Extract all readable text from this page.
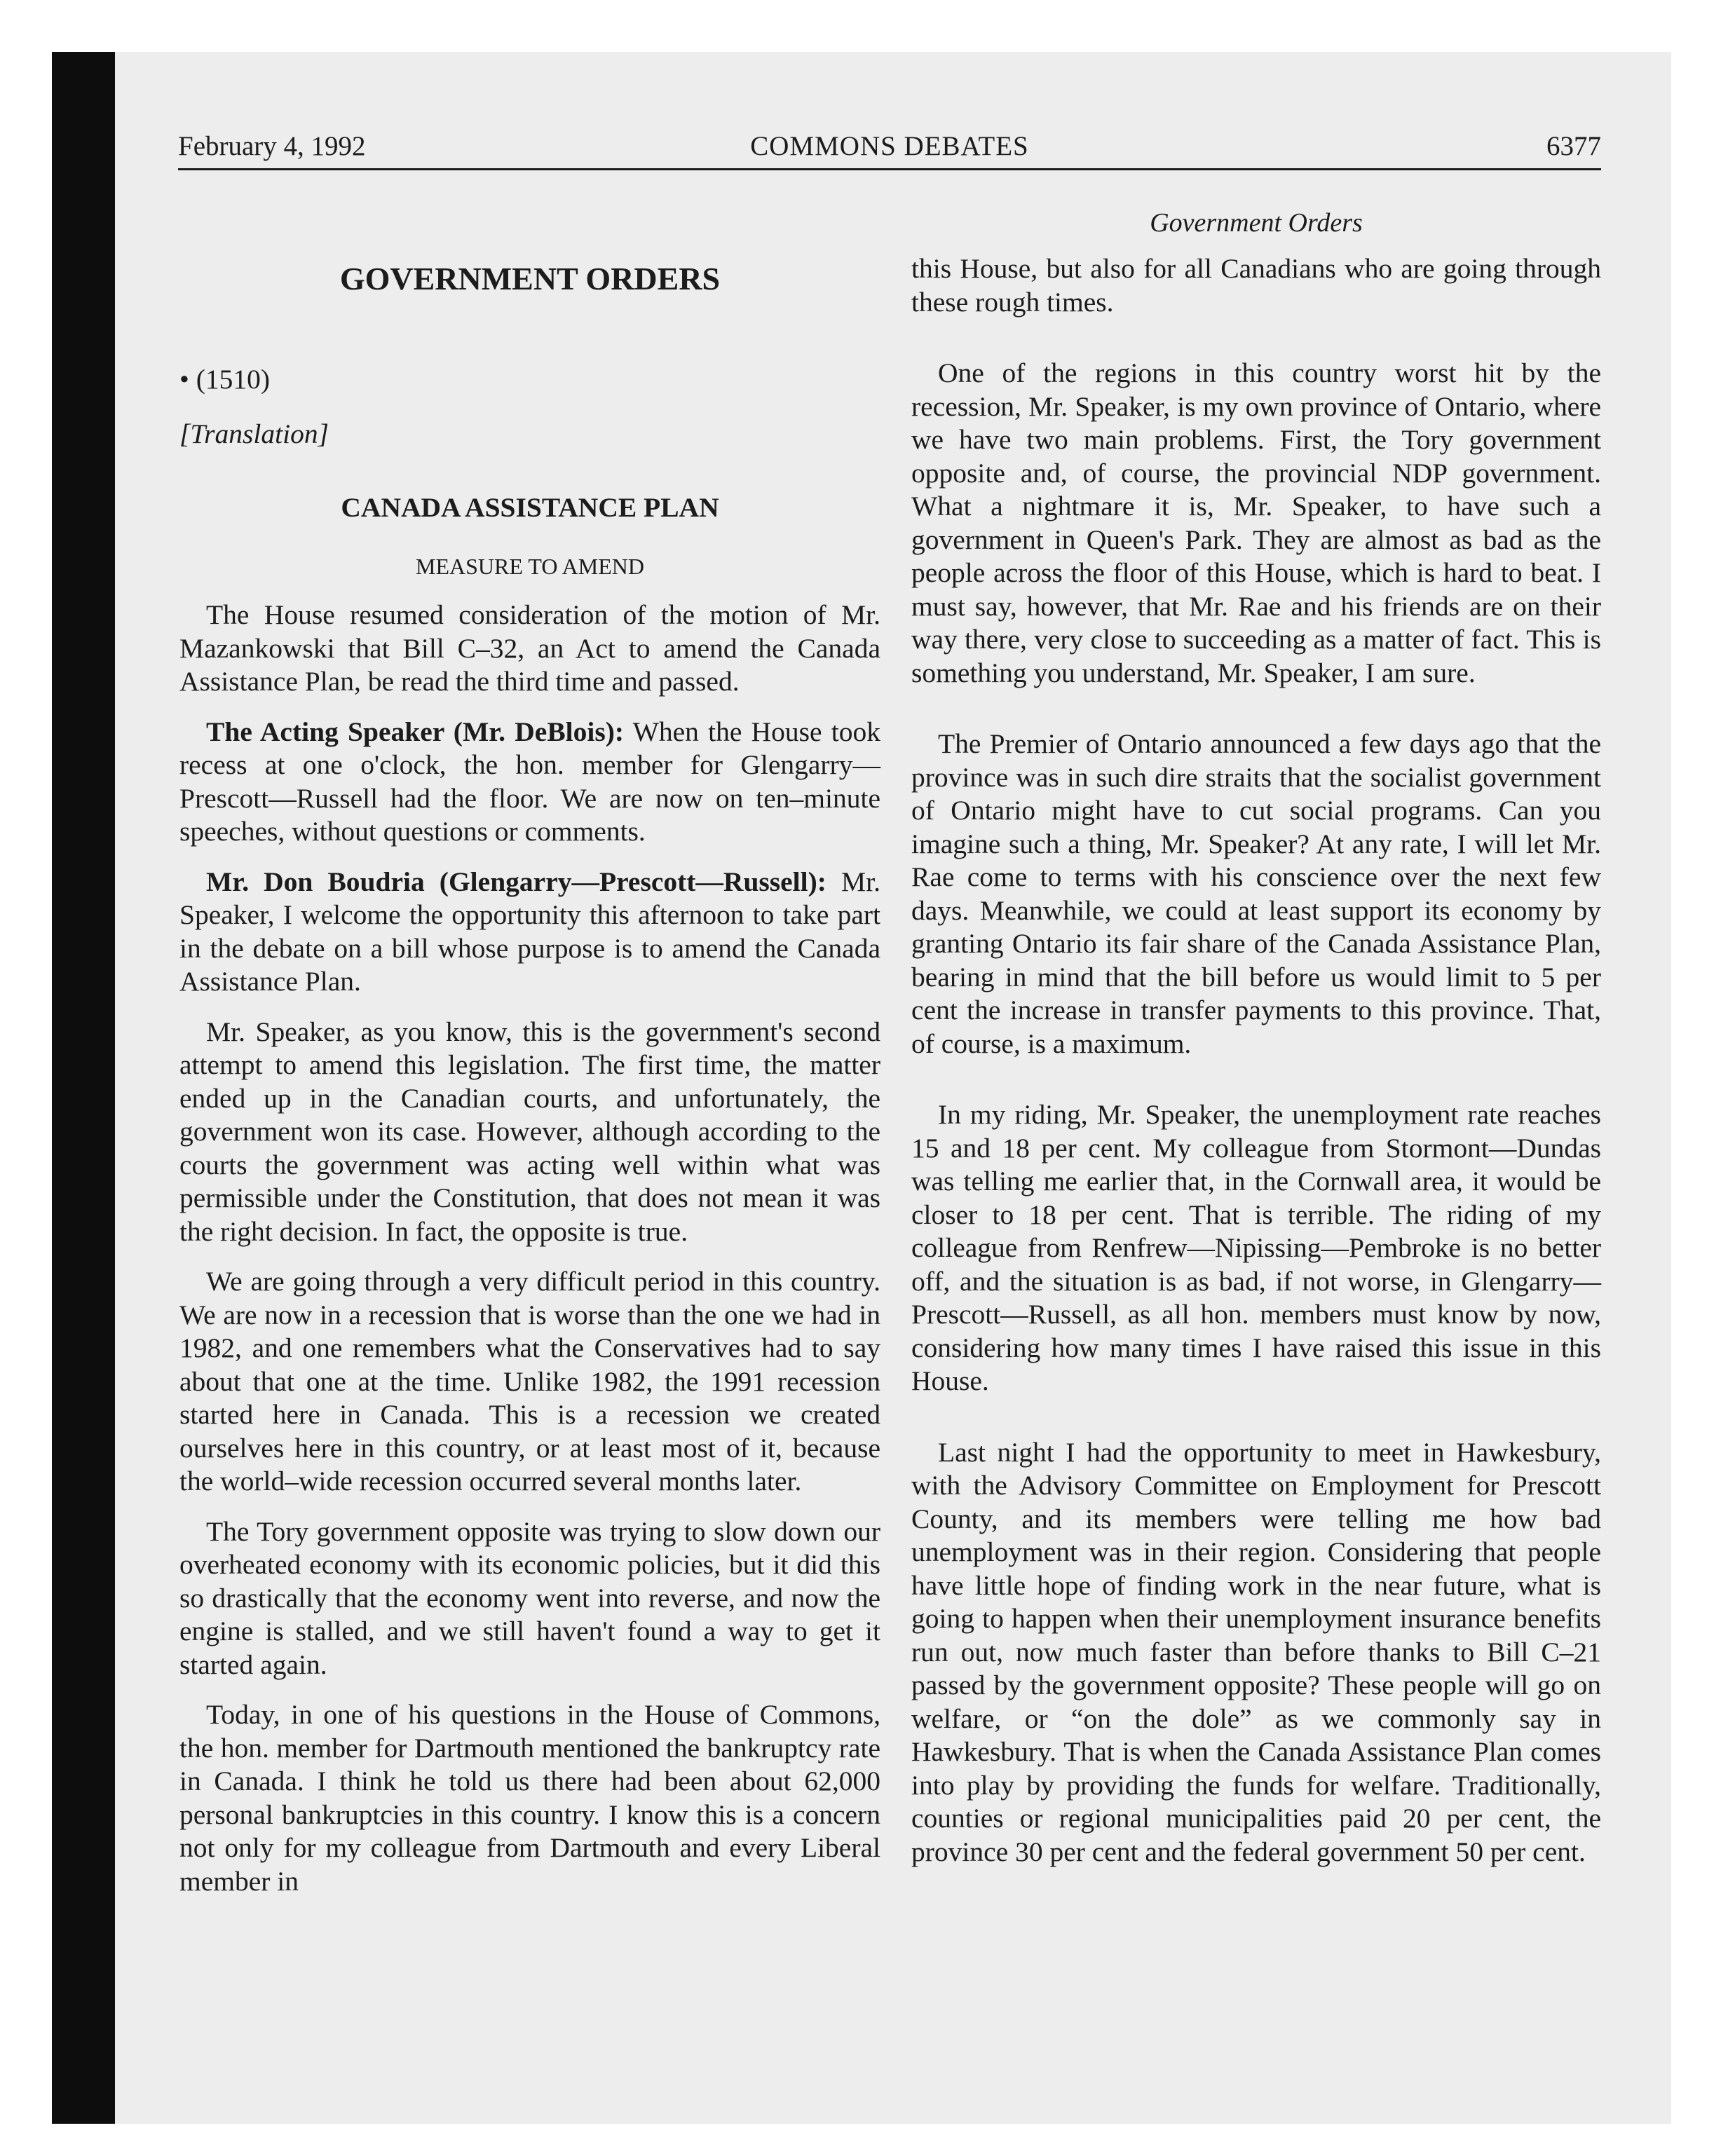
February 4, 1992	COMMONS DEBATES	6377
Government Orders
GOVERNMENT ORDERS
• (1510)
[Translation]
CANADA ASSISTANCE PLAN
MEASURE TO AMEND

The House resumed consideration of the motion of Mr. Mazankowski that Bill C–32, an Act to amend the Canada Assistance Plan, be read the third time and passed.

The Acting Speaker (Mr. DeBlois): When the House took recess at one o'clock, the hon. member for Glengarry—Prescott—Russell had the floor. We are now on ten–minute speeches, without questions or comments.

Mr. Don Boudria (Glengarry—Prescott—Russell): Mr. Speaker, I welcome the opportunity this afternoon to take part in the debate on a bill whose purpose is to amend the Canada Assistance Plan.

Mr. Speaker, as you know, this is the government's second attempt to amend this legislation. The first time, the matter ended up in the Canadian courts, and unfortunately, the government won its case. However, although according to the courts the government was acting well within what was permissible under the Constitution, that does not mean it was the right decision. In fact, the opposite is true.

We are going through a very difficult period in this country. We are now in a recession that is worse than the one we had in 1982, and one remembers what the Conservatives had to say about that one at the time. Unlike 1982, the 1991 recession started here in Canada. This is a recession we created ourselves here in this country, or at least most of it, because the world–wide recession occurred several months later.

The Tory government opposite was trying to slow down our overheated economy with its economic policies, but it did this so drastically that the economy went into reverse, and now the engine is stalled, and we still haven't found a way to get it started again.

Today, in one of his questions in the House of Commons, the hon. member for Dartmouth mentioned the bankruptcy rate in Canada. I think he told us there had been about 62,000 personal bankruptcies in this country. I know this is a concern not only for my colleague from Dartmouth and every Liberal member in

this House, but also for all Canadians who are going through these rough times.

One of the regions in this country worst hit by the recession, Mr. Speaker, is my own province of Ontario, where we have two main problems. First, the Tory government opposite and, of course, the provincial NDP government. What a nightmare it is, Mr. Speaker, to have such a government in Queen's Park. They are almost as bad as the people across the floor of this House, which is hard to beat. I must say, however, that Mr. Rae and his friends are on their way there, very close to succeeding as a matter of fact. This is something you understand, Mr. Speaker, I am sure.

The Premier of Ontario announced a few days ago that the province was in such dire straits that the socialist government of Ontario might have to cut social programs. Can you imagine such a thing, Mr. Speaker? At any rate, I will let Mr. Rae come to terms with his conscience over the next few days. Meanwhile, we could at least support its economy by granting Ontario its fair share of the Canada Assistance Plan, bearing in mind that the bill before us would limit to 5 per cent the increase in transfer payments to this province. That, of course, is a maximum.

In my riding, Mr. Speaker, the unemployment rate reaches 15 and 18 per cent. My colleague from Stormont—Dundas was telling me earlier that, in the Cornwall area, it would be closer to 18 per cent. That is terrible. The riding of my colleague from Renfrew—Nipissing—Pembroke is no better off, and the situation is as bad, if not worse, in Glengarry—Prescott—Russell, as all hon. members must know by now, considering how many times I have raised this issue in this House.

Last night I had the opportunity to meet in Hawkesbury, with the Advisory Committee on Employment for Prescott County, and its members were telling me how bad unemployment was in their region. Considering that people have little hope of finding work in the near future, what is going to happen when their unemployment insurance benefits run out, now much faster than before thanks to Bill C–21 passed by the government opposite? These people will go on welfare, or “on the dole” as we commonly say in Hawkesbury. That is when the Canada Assistance Plan comes into play by providing the funds for welfare. Traditionally, counties or regional municipalities paid 20 per cent, the province 30 per cent and the federal government 50 per cent.
